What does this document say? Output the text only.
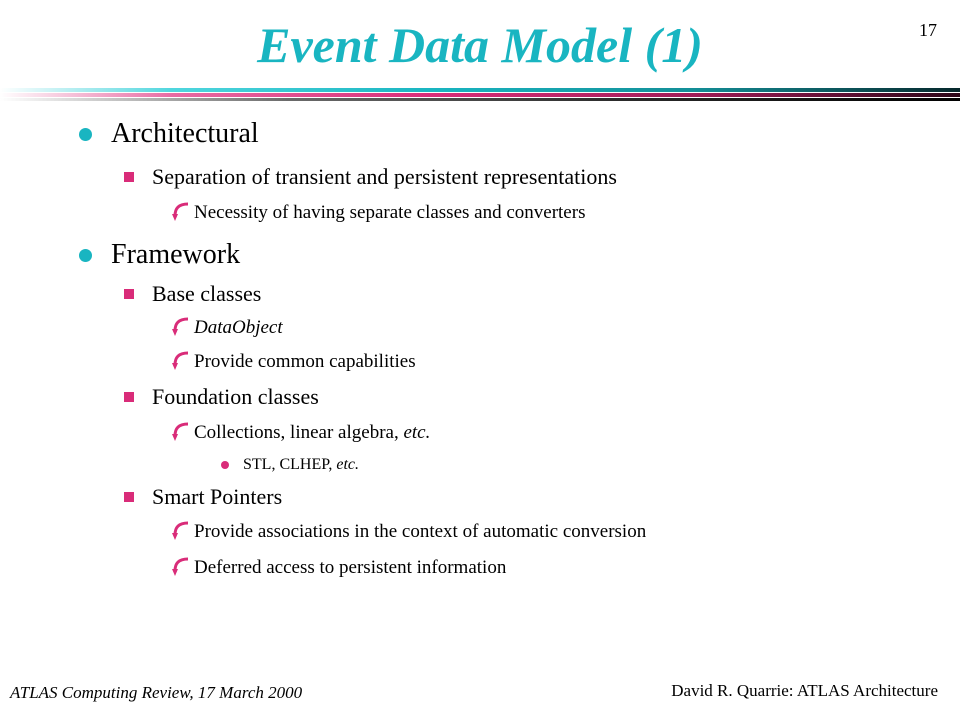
Event Data Model (1)	17
Architectural
Separation of transient and persistent representations
Necessity of having separate classes and converters
Framework
Base classes
DataObject
Provide common capabilities
Foundation classes
Collections, linear algebra, etc.
STL, CLHEP, etc.
Smart Pointers
Provide associations in the context of automatic conversion
Deferred access to persistent information
ATLAS Computing Review, 17 March 2000	David R. Quarrie: ATLAS Architecture
